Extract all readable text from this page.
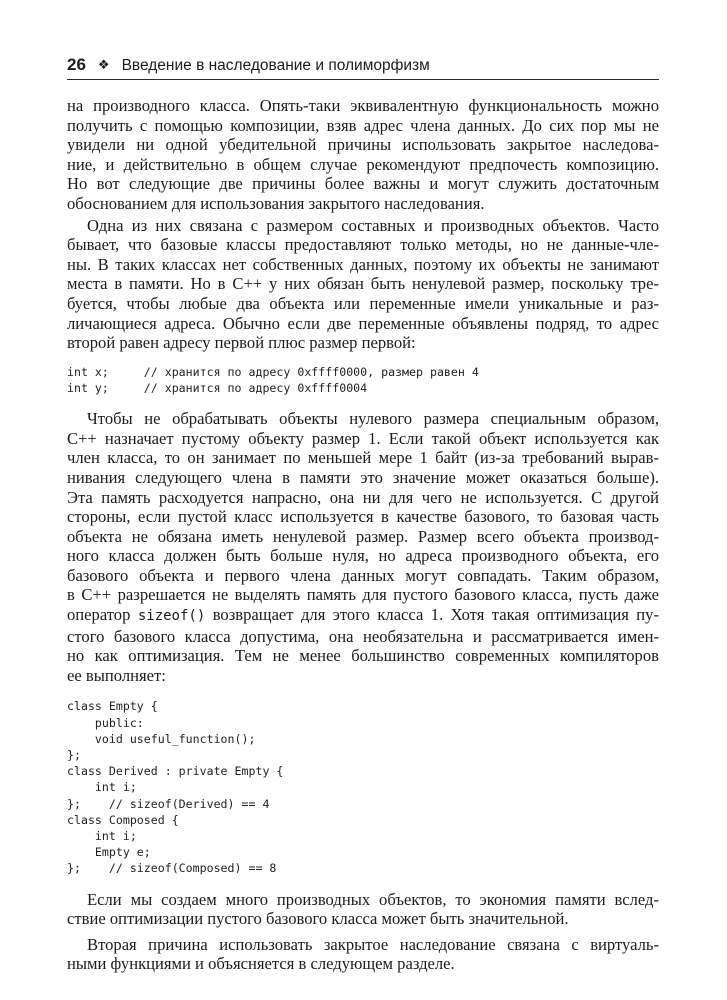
26 ❖ Введение в наследование и полиморфизм

на производного класса. Опять-таки эквивалентную функциональность можно
получить с помощью композиции, взяв адрес члена данных. До сих пор мы не
увидели ни одной убедительной причины использовать закрытое наследова-
ние, и действительно в общем случае рекомендуют предпочесть композицию.
Но вот следующие две причины более важны и могут служить достаточным
обоснованием для использования закрытого наследования.

Одна из них связана с размером составных и производных объектов. Часто
бывает, что базовые классы предоставляют только методы, но не данные-чле-
ны. В таких классах нет собственных данных, поэтому их объекты не занимают
места в памяти. Но в C++ у них обязан быть ненулевой размер, поскольку тре-
буется, чтобы любые два объекта или переменные имели уникальные и раз-
личающиеся адреса. Обычно если две переменные объявлены подряд, то адрес
второй равен адресу первой плюс размер первой:

int x;     // хранится по адресу 0xffff0000, размер равен 4
int y;     // хранится по адресу 0xffff0004

Чтобы не обрабатывать объекты нулевого размера специальным образом,
C++ назначает пустому объекту размер 1. Если такой объект используется как
член класса, то он занимает по меньшей мере 1 байт (из-за требований вырав-
нивания следующего члена в памяти это значение может оказаться больше).
Эта память расходуется напрасно, она ни для чего не используется. С другой
стороны, если пустой класс используется в качестве базового, то базовая часть
объекта не обязана иметь ненулевой размер. Размер всего объекта производ-
ного класса должен быть больше нуля, но адреса производного объекта, его
базового объекта и первого члена данных могут совпадать. Таким образом,
в C++ разрешается не выделять память для пустого базового класса, пусть даже
оператор sizeof() возвращает для этого класса 1. Хотя такая оптимизация пу-
стого базового класса допустима, она необязательна и рассматривается имен-
но как оптимизация. Тем не менее большинство современных компиляторов
ее выполняет:

class Empty {
public:
void useful_function();
};
class Derived : private Empty {
int i;
};    // sizeof(Derived) == 4
class Composed {
int i;
Empty e;
};    // sizeof(Composed) == 8

Если мы создаем много производных объектов, то экономия памяти вслед-
ствие оптимизации пустого базового класса может быть значительной.

Вторая причина использовать закрытое наследование связана с виртуаль-
ными функциями и объясняется в следующем разделе.
